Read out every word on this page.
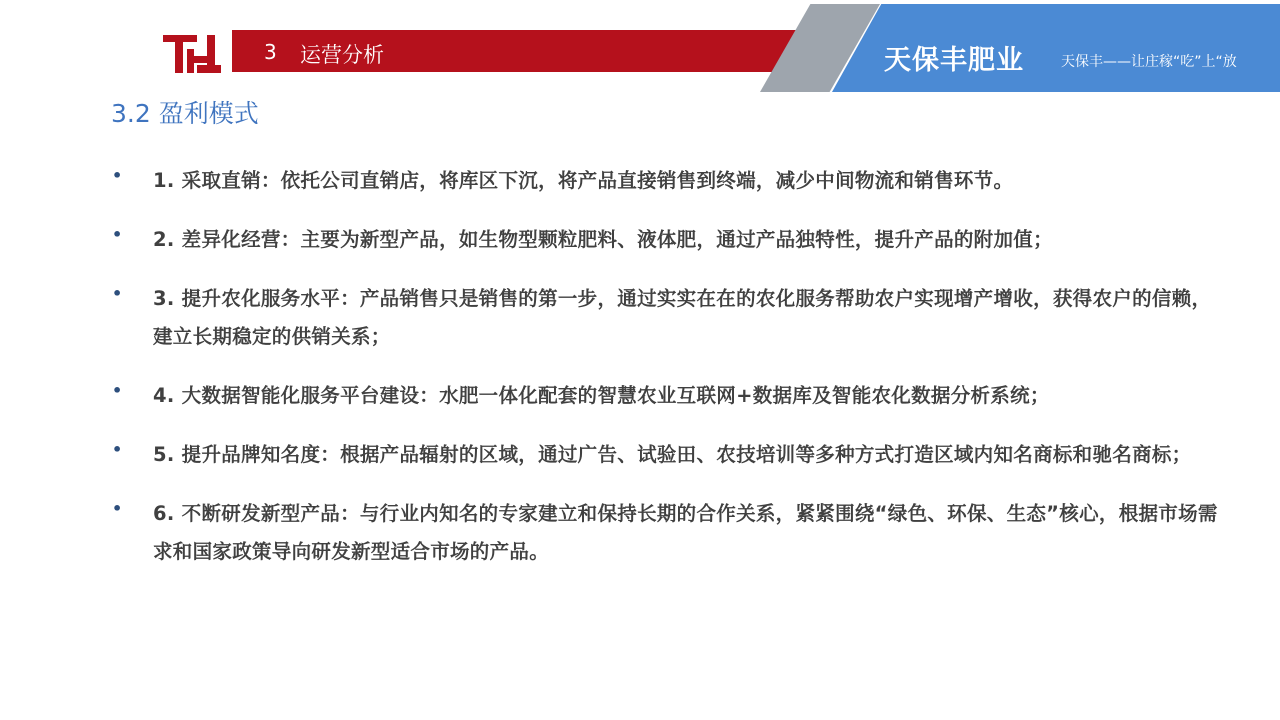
3 运营分析	天保丰肥业	天保丰——让庄稼“吃”上“放
3.2 盈利模式
• 1. 采取直销：依托公司直销店，将库区下沉，将产品直接销售到终端，减少中间物流和销售环节。
• 2. 差异化经营：主要为新型产品，如生物型颗粒肥料、液体肥，通过产品独特性，提升产品的附加值；
• 3. 提升农化服务水平：产品销售只是销售的第一步，通过实实在在的农化服务帮助农户实现增产增收，获得农户的信赖，建立长期稳定的供销关系；
• 4. 大数据智能化服务平台建设：水肥一体化配套的智慧农业互联网+数据库及智能农化数据分析系统；
• 5. 提升品牌知名度：根据产品辐射的区域，通过广告、试验田、农技培训等多种方式打造区域内知名商标和驰名商标；
• 6. 不断研发新型产品：与行业内知名的专家建立和保持长期的合作关系，紧紧围绕“绿色、环保、生态”核心，根据市场需求和国家政策导向研发新型适合市场的产品。
